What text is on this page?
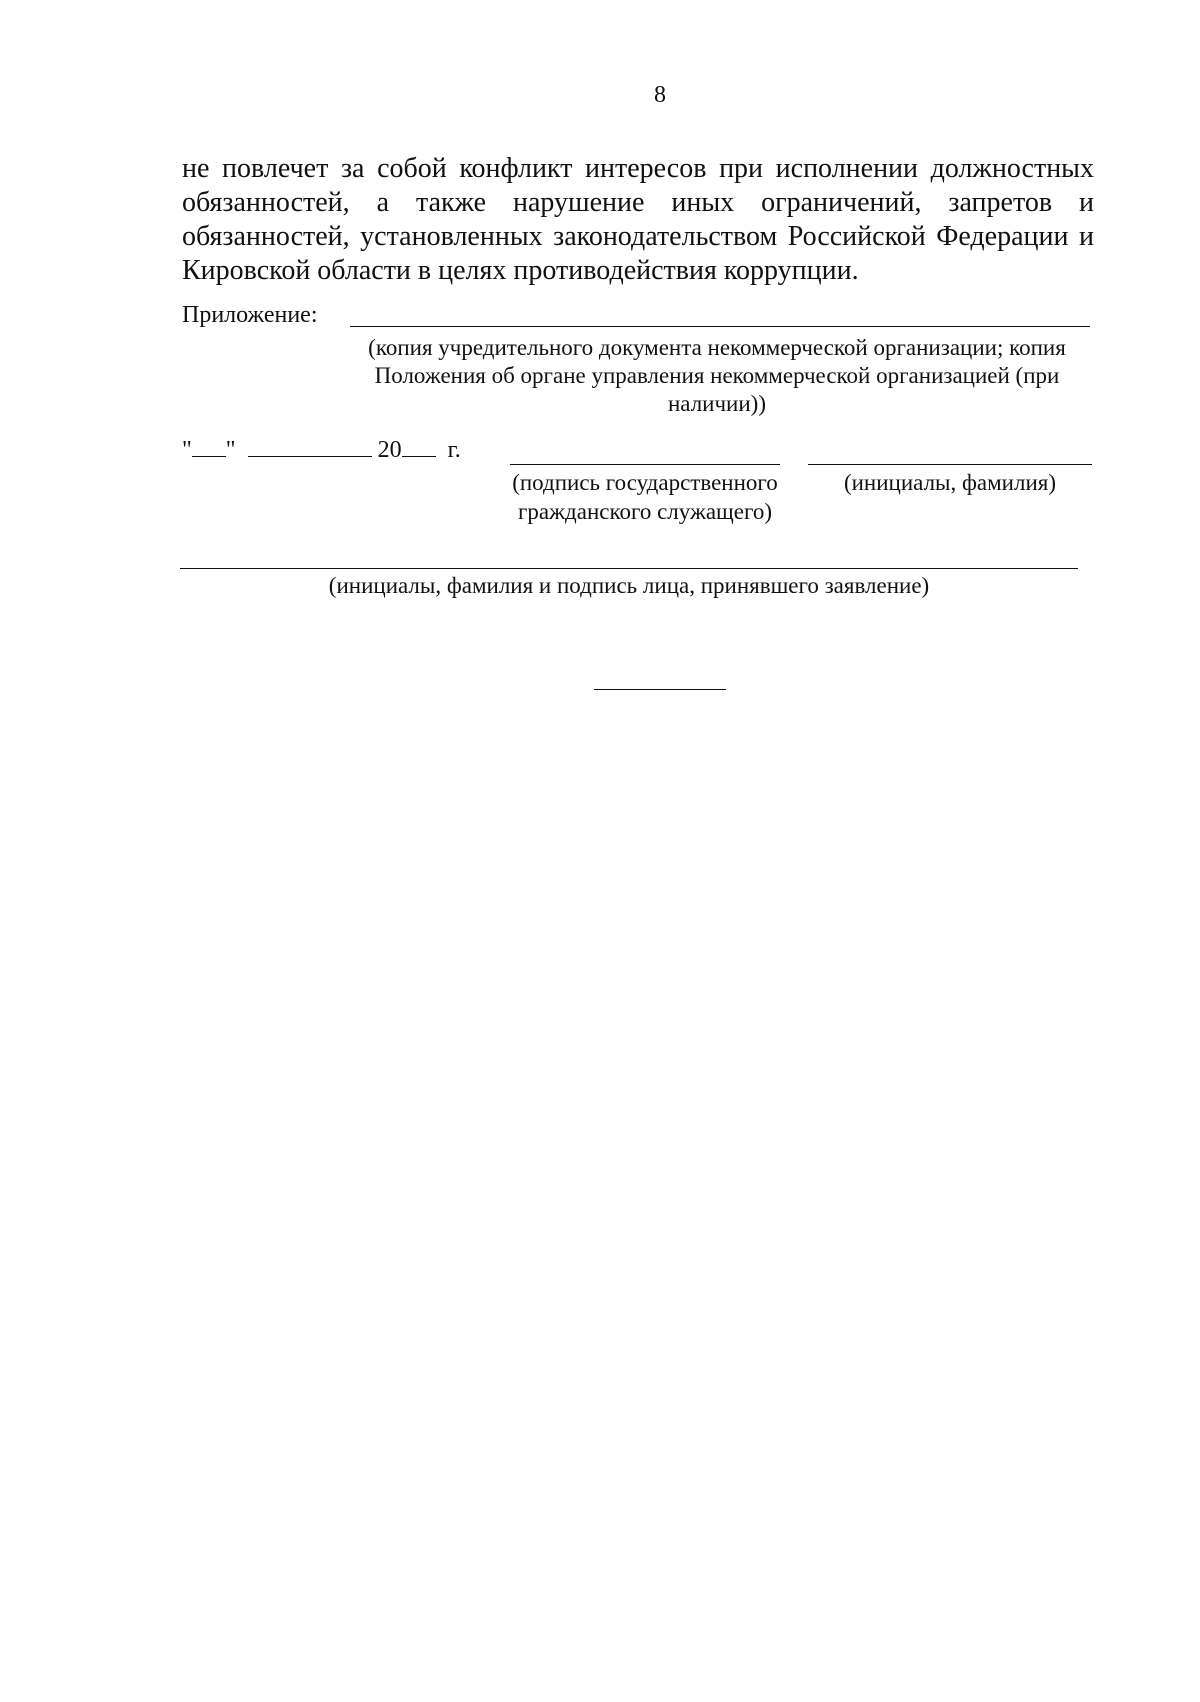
8
не повлечет за собой конфликт интересов при исполнении должностных обязанностей, а также нарушение иных ограничений, запретов и обязанностей, установленных законодательством Российской Федерации и Кировской области в целях противодействия коррупции.
Приложение:
(копия учредительного документа некоммерческой организации; копия Положения об органе управления некоммерческой организацией (при наличии))
" "	20 г.
(подпись государственного гражданского служащего)
(инициалы, фамилия)
(инициалы, фамилия и подпись лица, принявшего заявление)
